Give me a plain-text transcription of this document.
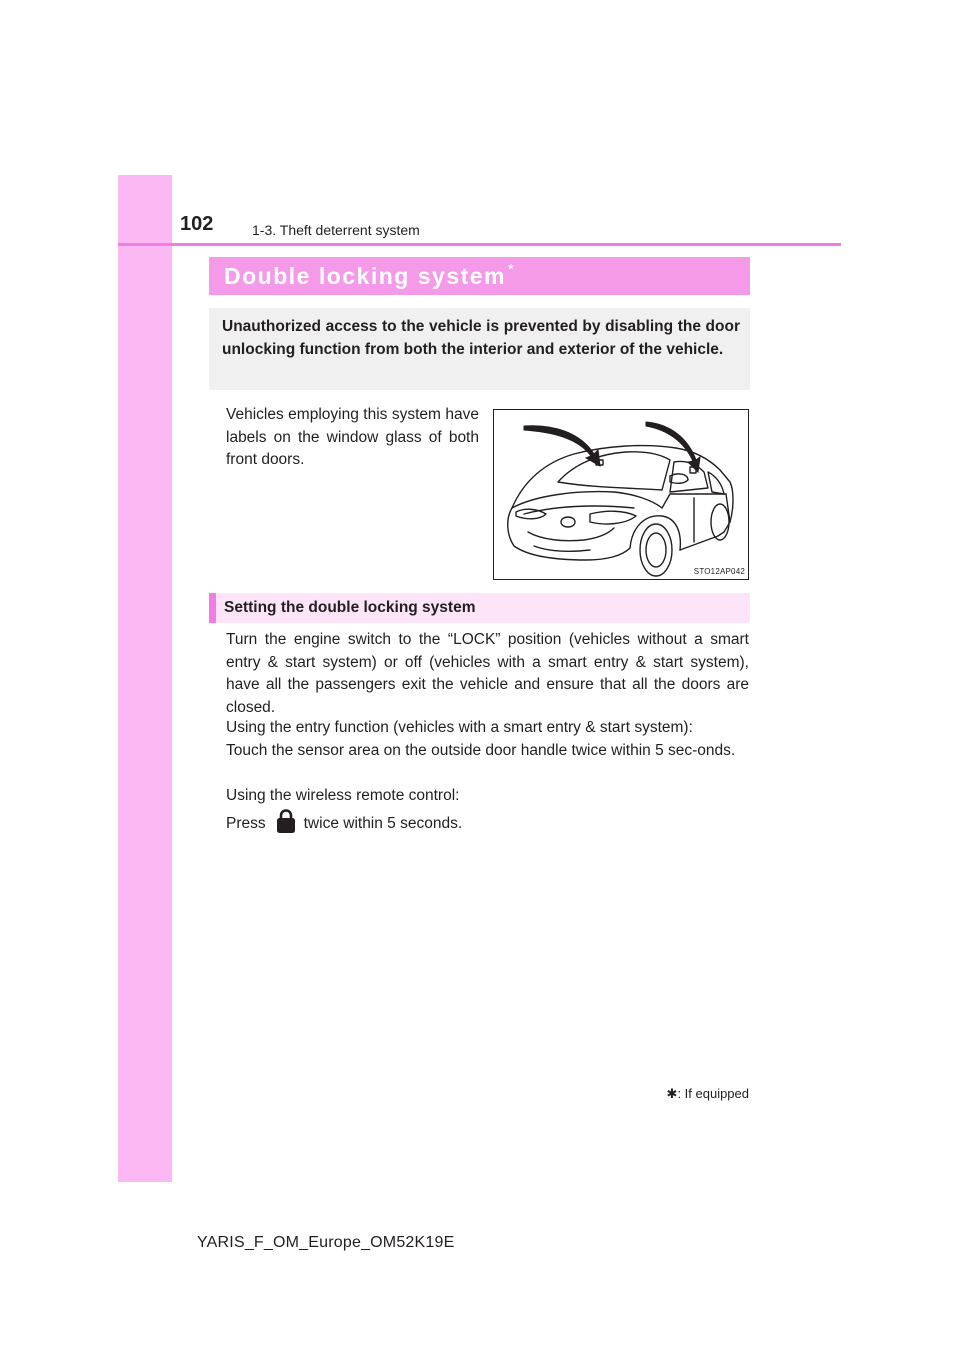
102	1-3. Theft deterrent system
Double locking system *
Unauthorized access to the vehicle is prevented by disabling the door unlocking function from both the interior and exterior of the vehicle.
Vehicles employing this system have labels on the window glass of both front doors.
STO12AP042
Setting the double locking system
Turn the engine switch to the “LOCK” position (vehicles without a smart entry & start system) or off (vehicles with a smart entry & start system), have all the passengers exit the vehicle and ensure that all the doors are closed.
Using the entry function (vehicles with a smart entry & start system):
Touch the sensor area on the outside door handle twice within 5 sec-onds.
Using the wireless remote control:
Press twice within 5 seconds.
✱: If equipped
YARIS_F_OM_Europe_OM52K19E
